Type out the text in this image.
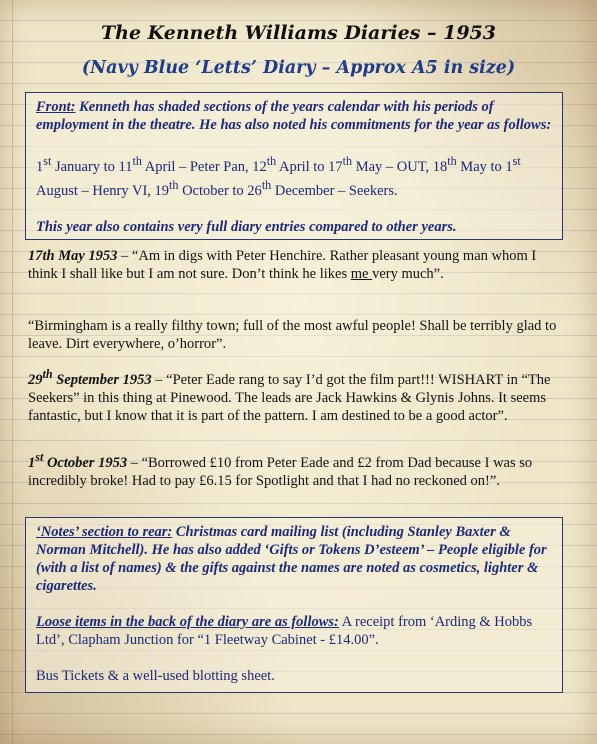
The Kenneth Williams Diaries – 1953
(Navy Blue ‘Letts’ Diary – Approx A5 in size)

Front: Kenneth has shaded sections of the years calendar with his periods of employment in the theatre. He has also noted his commitments for the year as follows:

1st January to 11th April – Peter Pan, 12th April to 17th May – OUT, 18th May to 1st August – Henry VI, 19th October to 26th December – Seekers.

This year also contains very full diary entries compared to other years.

17th May 1953 – “Am in digs with Peter Henchire. Rather pleasant young man whom I think I shall like but I am not sure. Don’t think he likes me very much”.
“Birmingham is a really filthy town; full of the most awful people! Shall be terribly glad to leave. Dirt everywhere, o’horror”.
29th September 1953 – “Peter Eade rang to say I’d got the film part!!! WISHART in “The Seekers” in this thing at Pinewood. The leads are Jack Hawkins & Glynis Johns. It seems fantastic, but I know that it is part of the pattern. I am destined to be a good actor”.
1st October 1953 – “Borrowed £10 from Peter Eade and £2 from Dad because I was so incredibly broke! Had to pay £6.15 for Spotlight and that I had no reckoned on!”.

‘Notes’ section to rear: Christmas card mailing list (including Stanley Baxter & Norman Mitchell). He has also added ‘Gifts or Tokens D’esteem’ – People eligible for (with a list of names) & the gifts against the names are noted as cosmetics, lighter & cigarettes.

Loose items in the back of the diary are as follows: A receipt from ‘Arding & Hobbs Ltd’, Clapham Junction for “1 Fleetway Cabinet - £14.00”.

Bus Tickets & a well-used blotting sheet.
